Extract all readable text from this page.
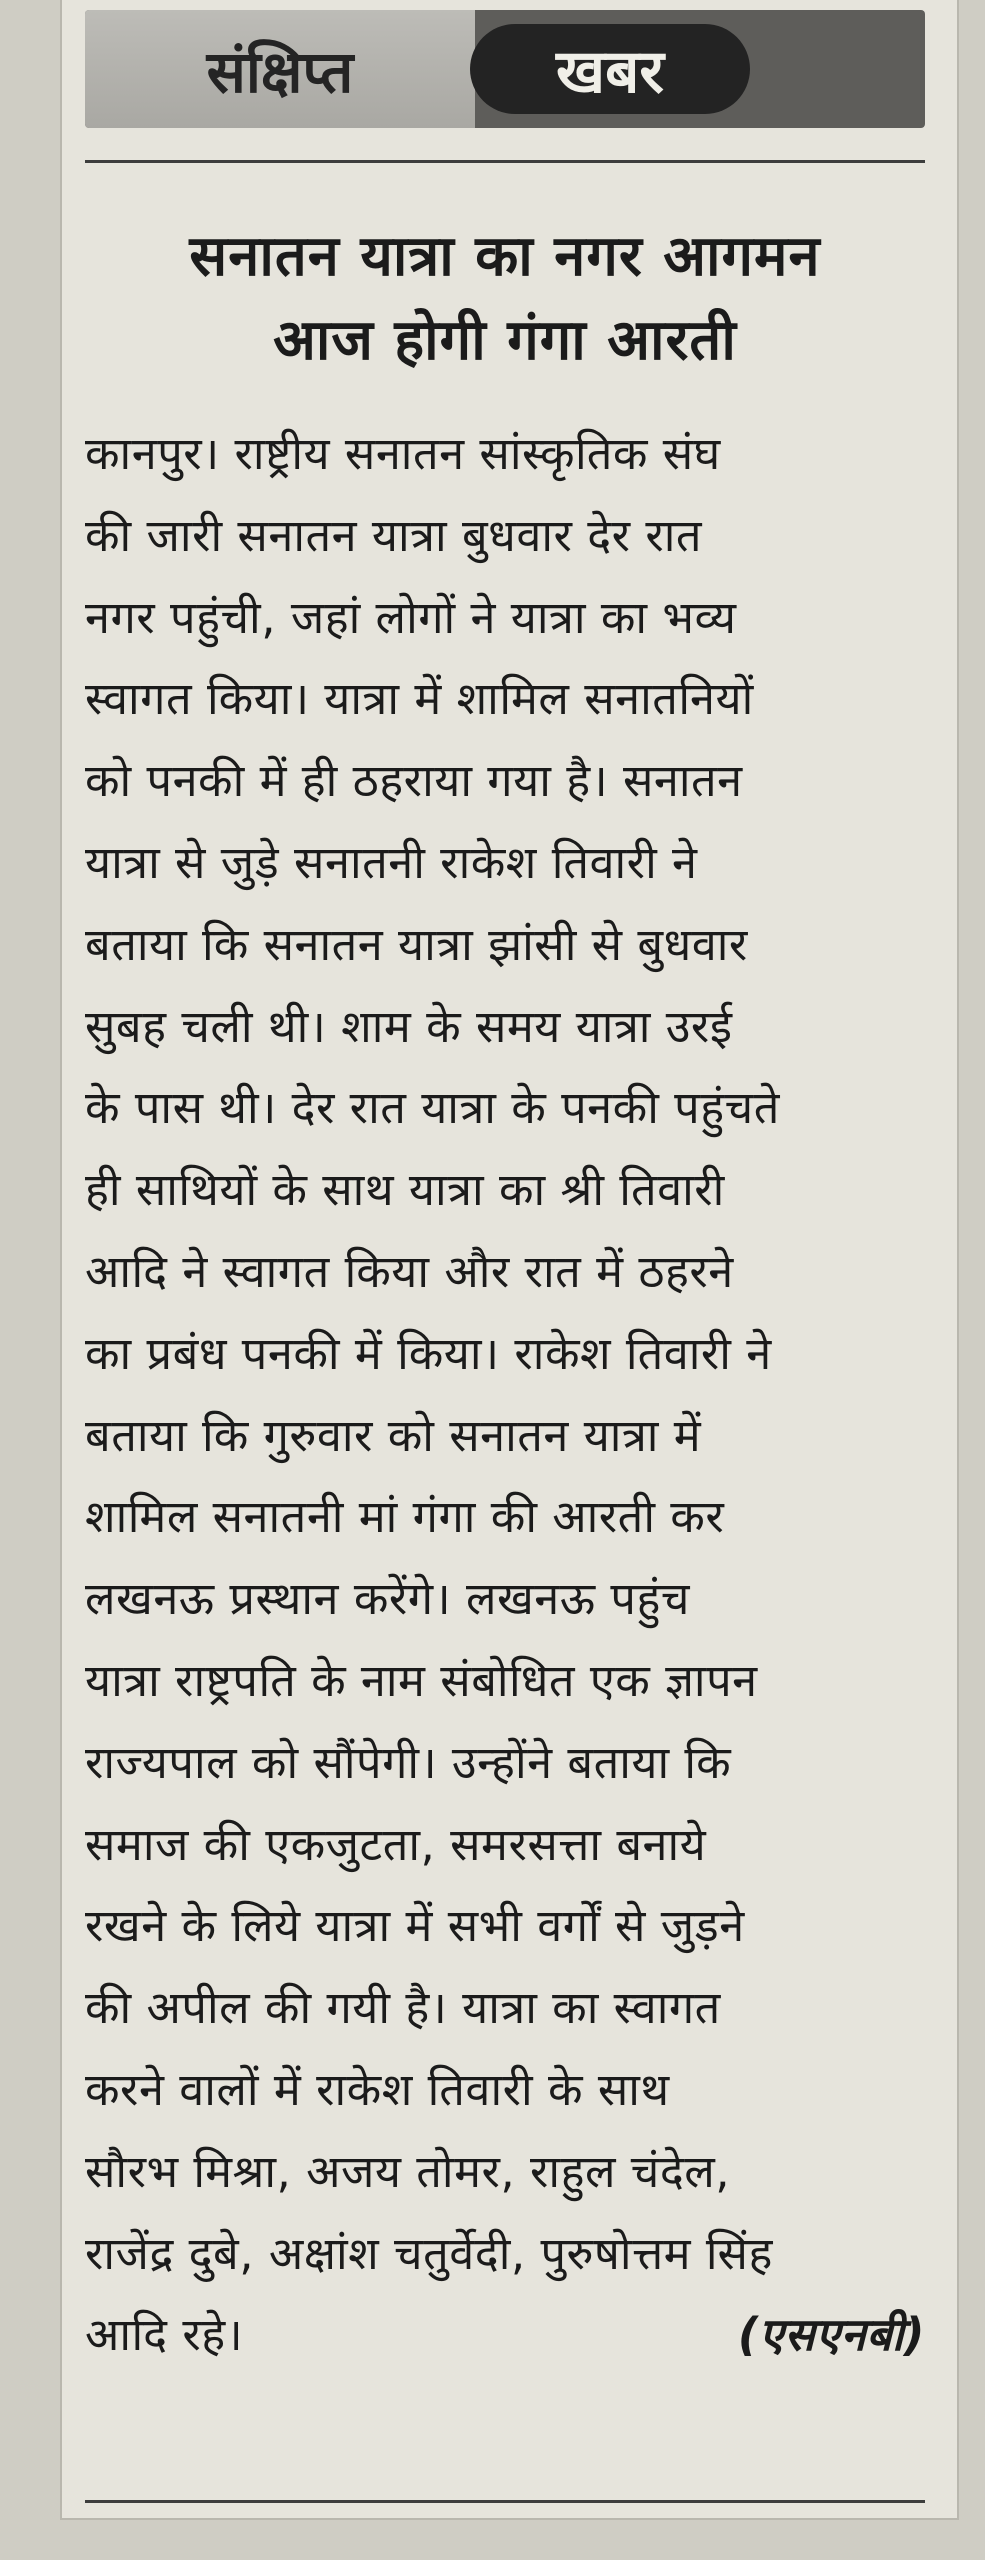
संक्षिप्त	खबर
सनातन यात्रा का नगर आगमन
आज होगी गंगा आरती
कानपुर। राष्ट्रीय सनातन सांस्कृतिक संघ
की जारी सनातन यात्रा बुधवार देर रात
नगर पहुंची, जहां लोगों ने यात्रा का भव्य
स्वागत किया। यात्रा में शामिल सनातनियों
को पनकी में ही ठहराया गया है। सनातन
यात्रा से जुड़े सनातनी राकेश तिवारी ने
बताया कि सनातन यात्रा झांसी से बुधवार
सुबह चली थी। शाम के समय यात्रा उरई
के पास थी। देर रात यात्रा के पनकी पहुंचते
ही साथियों के साथ यात्रा का श्री तिवारी
आदि ने स्वागत किया और रात में ठहरने
का प्रबंध पनकी में किया। राकेश तिवारी ने
बताया कि गुरुवार को सनातन यात्रा में
शामिल सनातनी मां गंगा की आरती कर
लखनऊ प्रस्थान करेंगे। लखनऊ पहुंच
यात्रा राष्ट्रपति के नाम संबोधित एक ज्ञापन
राज्यपाल को सौंपेगी। उन्होंने बताया कि
समाज की एकजुटता, समरसत्ता बनाये
रखने के लिये यात्रा में सभी वर्गों से जुड़ने
की अपील की गयी है। यात्रा का स्वागत
करने वालों में राकेश तिवारी के साथ
सौरभ मिश्रा, अजय तोमर, राहुल चंदेल,
राजेंद्र दुबे, अक्षांश चतुर्वेदी, पुरुषोत्तम सिंह
आदि रहे।	(एसएनबी)
